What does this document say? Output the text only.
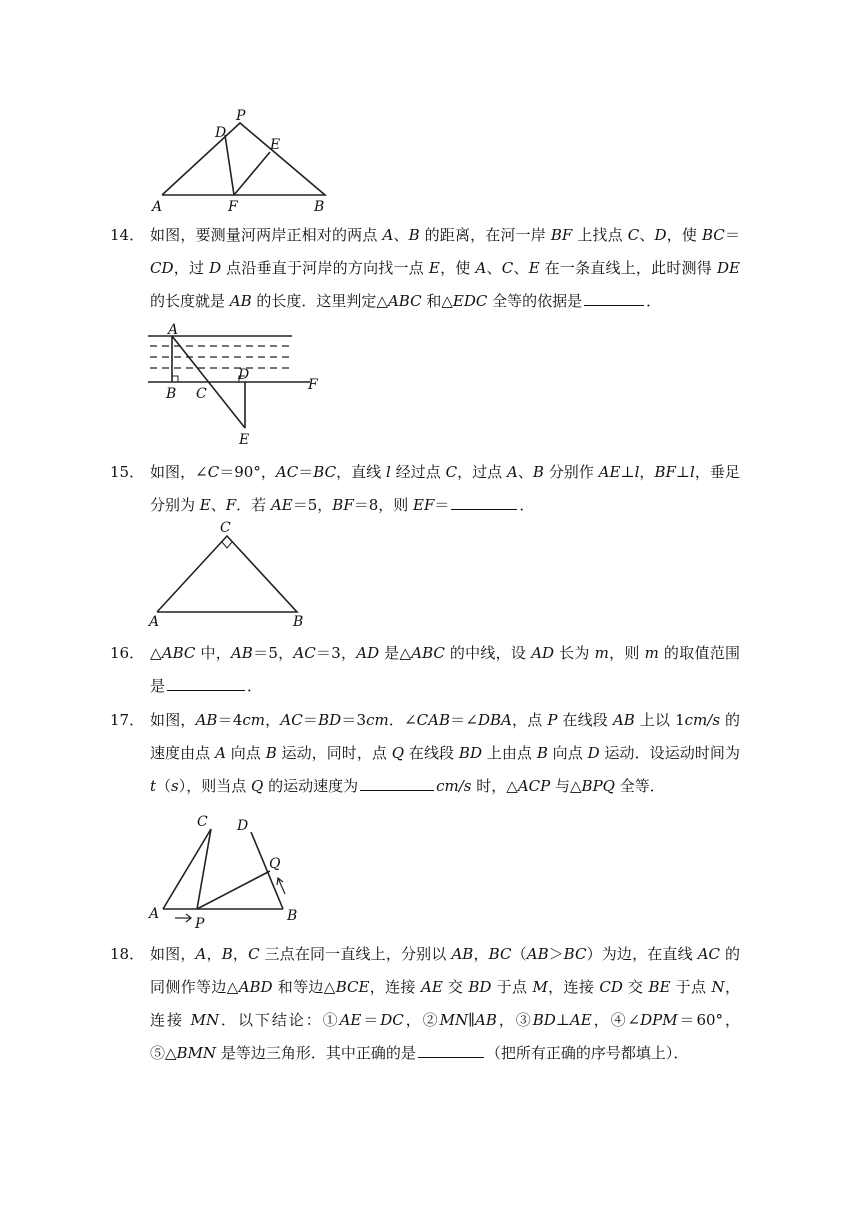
P
D
E
A	F	B
14． 如图，要测量河两岸正相对的两点 A、B 的距离，在河一岸 BF 上找点 C、D，使 BC＝CD，过 D 点沿垂直于河岸的方向找一点 E，使 A、C、E 在一条直线上，此时测得 DE 的长度就是 AB 的长度．这里判定△ABC 和△EDC 全等的依据是	．
A
D
B C
F
E
15． 如图，∠C＝90°，AC＝BC，直线 l 经过点 C，过点 A、B 分别作 AE⊥l，BF⊥l，垂足分别为 E、F．若 AE＝5，BF＝8，则 EF＝	．
C
A	B
16． △ABC 中，AB＝5，AC＝3，AD 是△ABC 的中线，设 AD 长为 m，则 m 的取值范围是	．
17． 如图，AB＝4cm，AC＝BD＝3cm．∠CAB＝∠DBA，点 P 在线段 AB 上以 1cm/s 的速度由点 A 向点 B 运动，同时，点 Q 在线段 BD 上由点 B 向点 D 运动．设运动时间为 t（s），则当点 Q 的运动速度为	cm/s 时，△ACP 与△BPQ 全等．
C D
Q
A
P	B
18． 如图，A，B，C 三点在同一直线上，分别以 AB，BC（AB＞BC）为边，在直线 AC 的同侧作等边△ABD 和等边△BCE，连接 AE 交 BD 于点 M，连接 CD 交 BE 于点 N，连接 MN．以下结论：①AE＝DC，②MN∥AB，③BD⊥AE，④∠DPM＝60°，⑤△BMN 是等边三角形．其中正确的是	（把所有正确的序号都填上）．
